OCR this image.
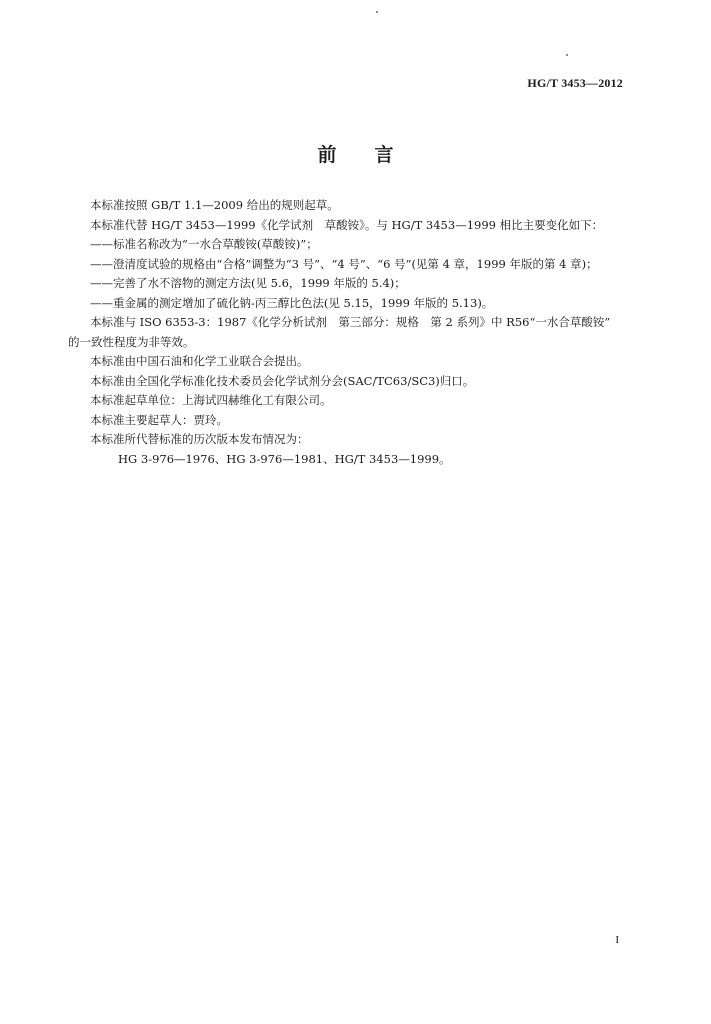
HG/T 3453—2012
前言
本标准按照 GB/T 1.1—2009 给出的规则起草。
本标准代替 HG/T 3453—1999《化学试剂　草酸铵》。与 HG/T 3453—1999 相比主要变化如下：
——标准名称改为“一水合草酸铵(草酸铵)”；
——澄清度试验的规格由“合格”调整为“3 号”、“4 号”、“6 号”(见第 4 章，1999 年版的第 4 章)；
——完善了水不溶物的测定方法(见 5.6，1999 年版的 5.4)；
——重金属的测定增加了硫化钠-丙三醇比色法(见 5.15，1999 年版的 5.13)。
本标准与 ISO 6353-3：1987《化学分析试剂　第三部分：规格　第 2 系列》中 R56“一水合草酸铵”
的一致性程度为非等效。
本标准由中国石油和化学工业联合会提出。
本标准由全国化学标准化技术委员会化学试剂分会(SAC/TC63/SC3)归口。
本标准起草单位：上海试四赫维化工有限公司。
本标准主要起草人：贾玲。
本标准所代替标准的历次版本发布情况为：
HG 3-976—1976、HG 3-976—1981、HG/T 3453—1999。
I
